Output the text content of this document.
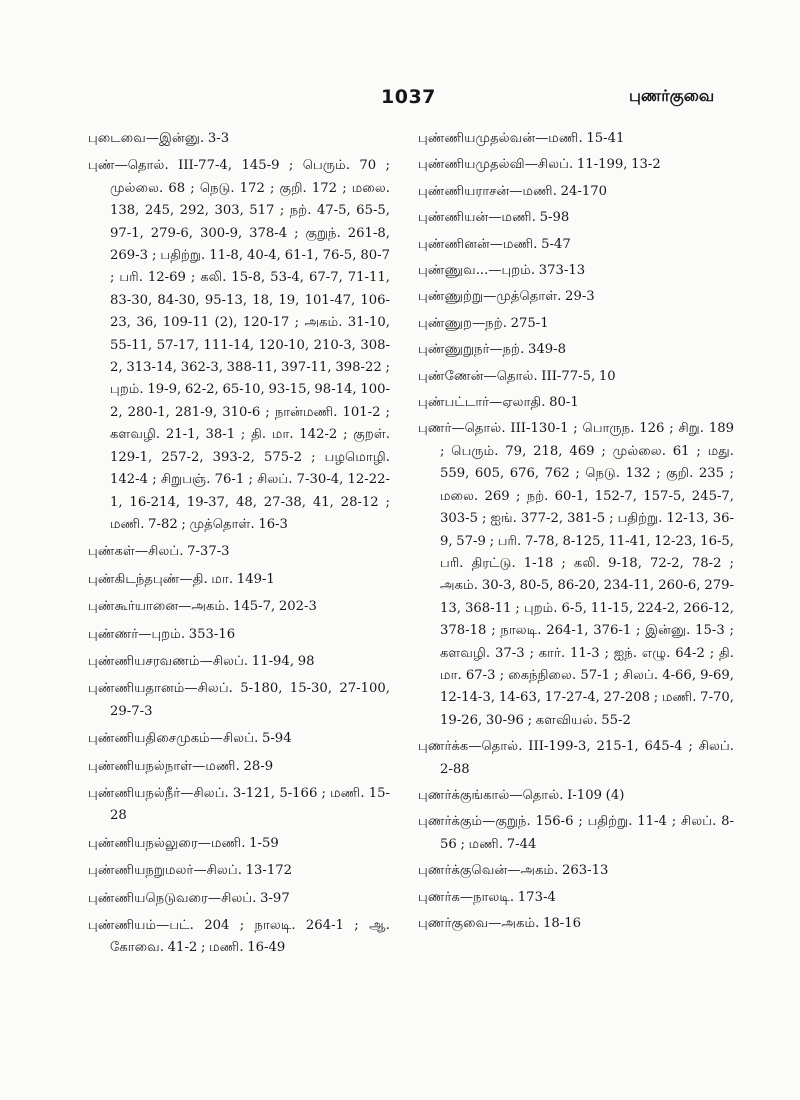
1037	புணர்குவை
புடைவை—இன்னு. 3-3
புண்—தொல். III-77-4, 145-9 ; பெரும். 70 ; முல்லை. 68 ; நெடு. 172 ; குறி. 172 ; மலை. 138, 245, 292, 303, 517 ; நற். 47-5, 65-5, 97-1, 279-6, 300-9, 378-4 ; குறுந். 261-8, 269-3 ; பதிற்று. 11-8, 40-4, 61-1, 76-5, 80-7 ; பரி. 12-69 ; கலி. 15-8, 53-4, 67-7, 71-11, 83-30, 84-30, 95-13, 18, 19, 101-47, 106-23, 36, 109-11 (2), 120-17 ; அகம். 31-10, 55-11, 57-17, 111-14, 120-10, 210-3, 308-2, 313-14, 362-3, 388-11, 397-11, 398-22 ; புறம். 19-9, 62-2, 65-10, 93-15, 98-14, 100-2, 280-1, 281-9, 310-6 ; நான்மணி. 101-2 ; களவழி. 21-1, 38-1 ; தி. மா. 142-2 ; குறள். 129-1, 257-2, 393-2, 575-2 ; பழமொழி. 142-4 ; சிறுபஞ். 76-1 ; சிலப். 7-30-4, 12-22-1, 16-214, 19-37, 48, 27-38, 41, 28-12 ; மணி. 7-82 ; முத்தொள். 16-3
புண்கள்—சிலப். 7-37-3
புண்கிடந்தபுண்—தி. மா. 149-1
புண்கூர்யானை—அகம். 145-7, 202-3
புண்ணர்—புறம். 353-16
புண்ணியசரவணம்—சிலப். 11-94, 98
புண்ணியதானம்—சிலப். 5-180, 15-30, 27-100, 29-7-3
புண்ணியதிசைமுகம்—சிலப். 5-94
புண்ணியநல்நாள்—மணி. 28-9
புண்ணியநல்நீர்—சிலப். 3-121, 5-166 ; மணி. 15-28
புண்ணியநல்லுரை—மணி. 1-59
புண்ணியநறுமலர்—சிலப். 13-172
புண்ணியநெடுவரை—சிலப். 3-97
புண்ணியம்—பட். 204 ; நாலடி. 264-1 ; ஆ. கோவை. 41-2 ; மணி. 16-49
புண்ணியமுதல்வன்—மணி. 15-41
புண்ணியமுதல்வி—சிலப். 11-199, 13-2
புண்ணியராசன்—மணி. 24-170
புண்ணியன்—மணி. 5-98
புண்ணினன்—மணி. 5-47
புண்ணுவ...—புறம். 373-13
புண்ணுற்று—முத்தொள். 29-3
புண்ணுற—நற். 275-1
புண்ணுறுநர்—நற். 349-8
புண்ணேன்—தொல். III-77-5, 10
புண்பட்டார்—ஏலாதி. 80-1
புணர்—தொல். III-130-1 ; பொருந. 126 ; சிறு. 189 ; பெரும். 79, 218, 469 ; முல்லை. 61 ; மது. 559, 605, 676, 762 ; நெடு. 132 ; குறி. 235 ; மலை. 269 ; நற். 60-1, 152-7, 157-5, 245-7, 303-5 ; ஐங். 377-2, 381-5 ; பதிற்று. 12-13, 36-9, 57-9 ; பரி. 7-78, 8-125, 11-41, 12-23, 16-5, பரி. திரட்டு. 1-18 ; கலி. 9-18, 72-2, 78-2 ; அகம். 30-3, 80-5, 86-20, 234-11, 260-6, 279-13, 368-11 ; புறம். 6-5, 11-15, 224-2, 266-12, 378-18 ; நாலடி. 264-1, 376-1 ; இன்னு. 15-3 ; களவழி. 37-3 ; கார். 11-3 ; ஐந். எழு. 64-2 ; தி. மா. 67-3 ; கைந்நிலை. 57-1 ; சிலப். 4-66, 9-69, 12-14-3, 14-63, 17-27-4, 27-208 ; மணி. 7-70, 19-26, 30-96 ; களவியல். 55-2
புணர்க்க—தொல். III-199-3, 215-1, 645-4 ; சிலப். 2-88
புணர்க்குங்கால்—தொல். I-109 (4)
புணர்க்கும்—குறுந். 156-6 ; பதிற்று. 11-4 ; சிலப். 8-56 ; மணி. 7-44
புணர்க்குவென்—அகம். 263-13
புணர்க—நாலடி. 173-4
புணர்குவை—அகம். 18-16
